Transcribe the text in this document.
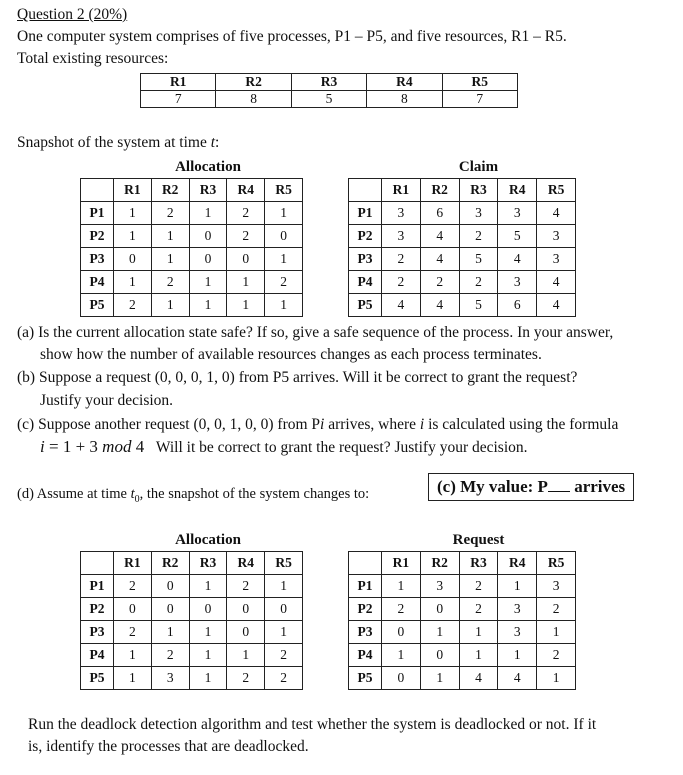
Question 2 (20%)
One computer system comprises of five processes, P1 – P5, and five resources, R1 – R5.
Total existing resources:
R1	R2	R3	R4	R5
7	8	5	8	7
Snapshot of the system at time t:
	Allocation				
	R1	R2	R3	R4	R5
P1	1	2	1	2	1
P2	1	1	0	2	0
P3	0	1	0	0	1
P4	1	2	1	1	2
P5	2	1	1	1	1
	Claim				
	R1	R2	R3	R4	R5
P1	3	6	3	3	4
P2	3	4	2	5	3
P3	2	4	5	4	3
P4	2	2	2	3	4
P5	4	4	5	6	4
(a) Is the current allocation state safe? If so, give a safe sequence of the process. In your answer,
show how the number of available resources changes as each process terminates.
(b) Suppose a request (0, 0, 0, 1, 0) from P5 arrives. Will it be correct to grant the request?
Justify your decision.
(c) Suppose another request (0, 0, 1, 0, 0) from Pi arrives, where i is calculated using the formula
i = 1 + 3 mod 4 Will it be correct to grant the request? Justify your decision.
(d) Assume at time $t_0$, the snapshot of the system changes to:	(c) My value: P arrives
	Allocation				
	R1	R2	R3	R4	R5
P1	2	0	1	2	1
P2	0	0	0	0	0
P3	2	1	1	0	1
P4	1	2	1	1	2
P5	1	3	1	2	2
	Request				
	R1	R2	R3	R4	R5
P1	1	3	2	1	3
P2	2	0	2	3	2
P3	0	1	1	3	1
P4	1	0	1	1	2
P5	0	1	4	4	1
Run the deadlock detection algorithm and test whether the system is deadlocked or not. If it
is, identify the processes that are deadlocked.
